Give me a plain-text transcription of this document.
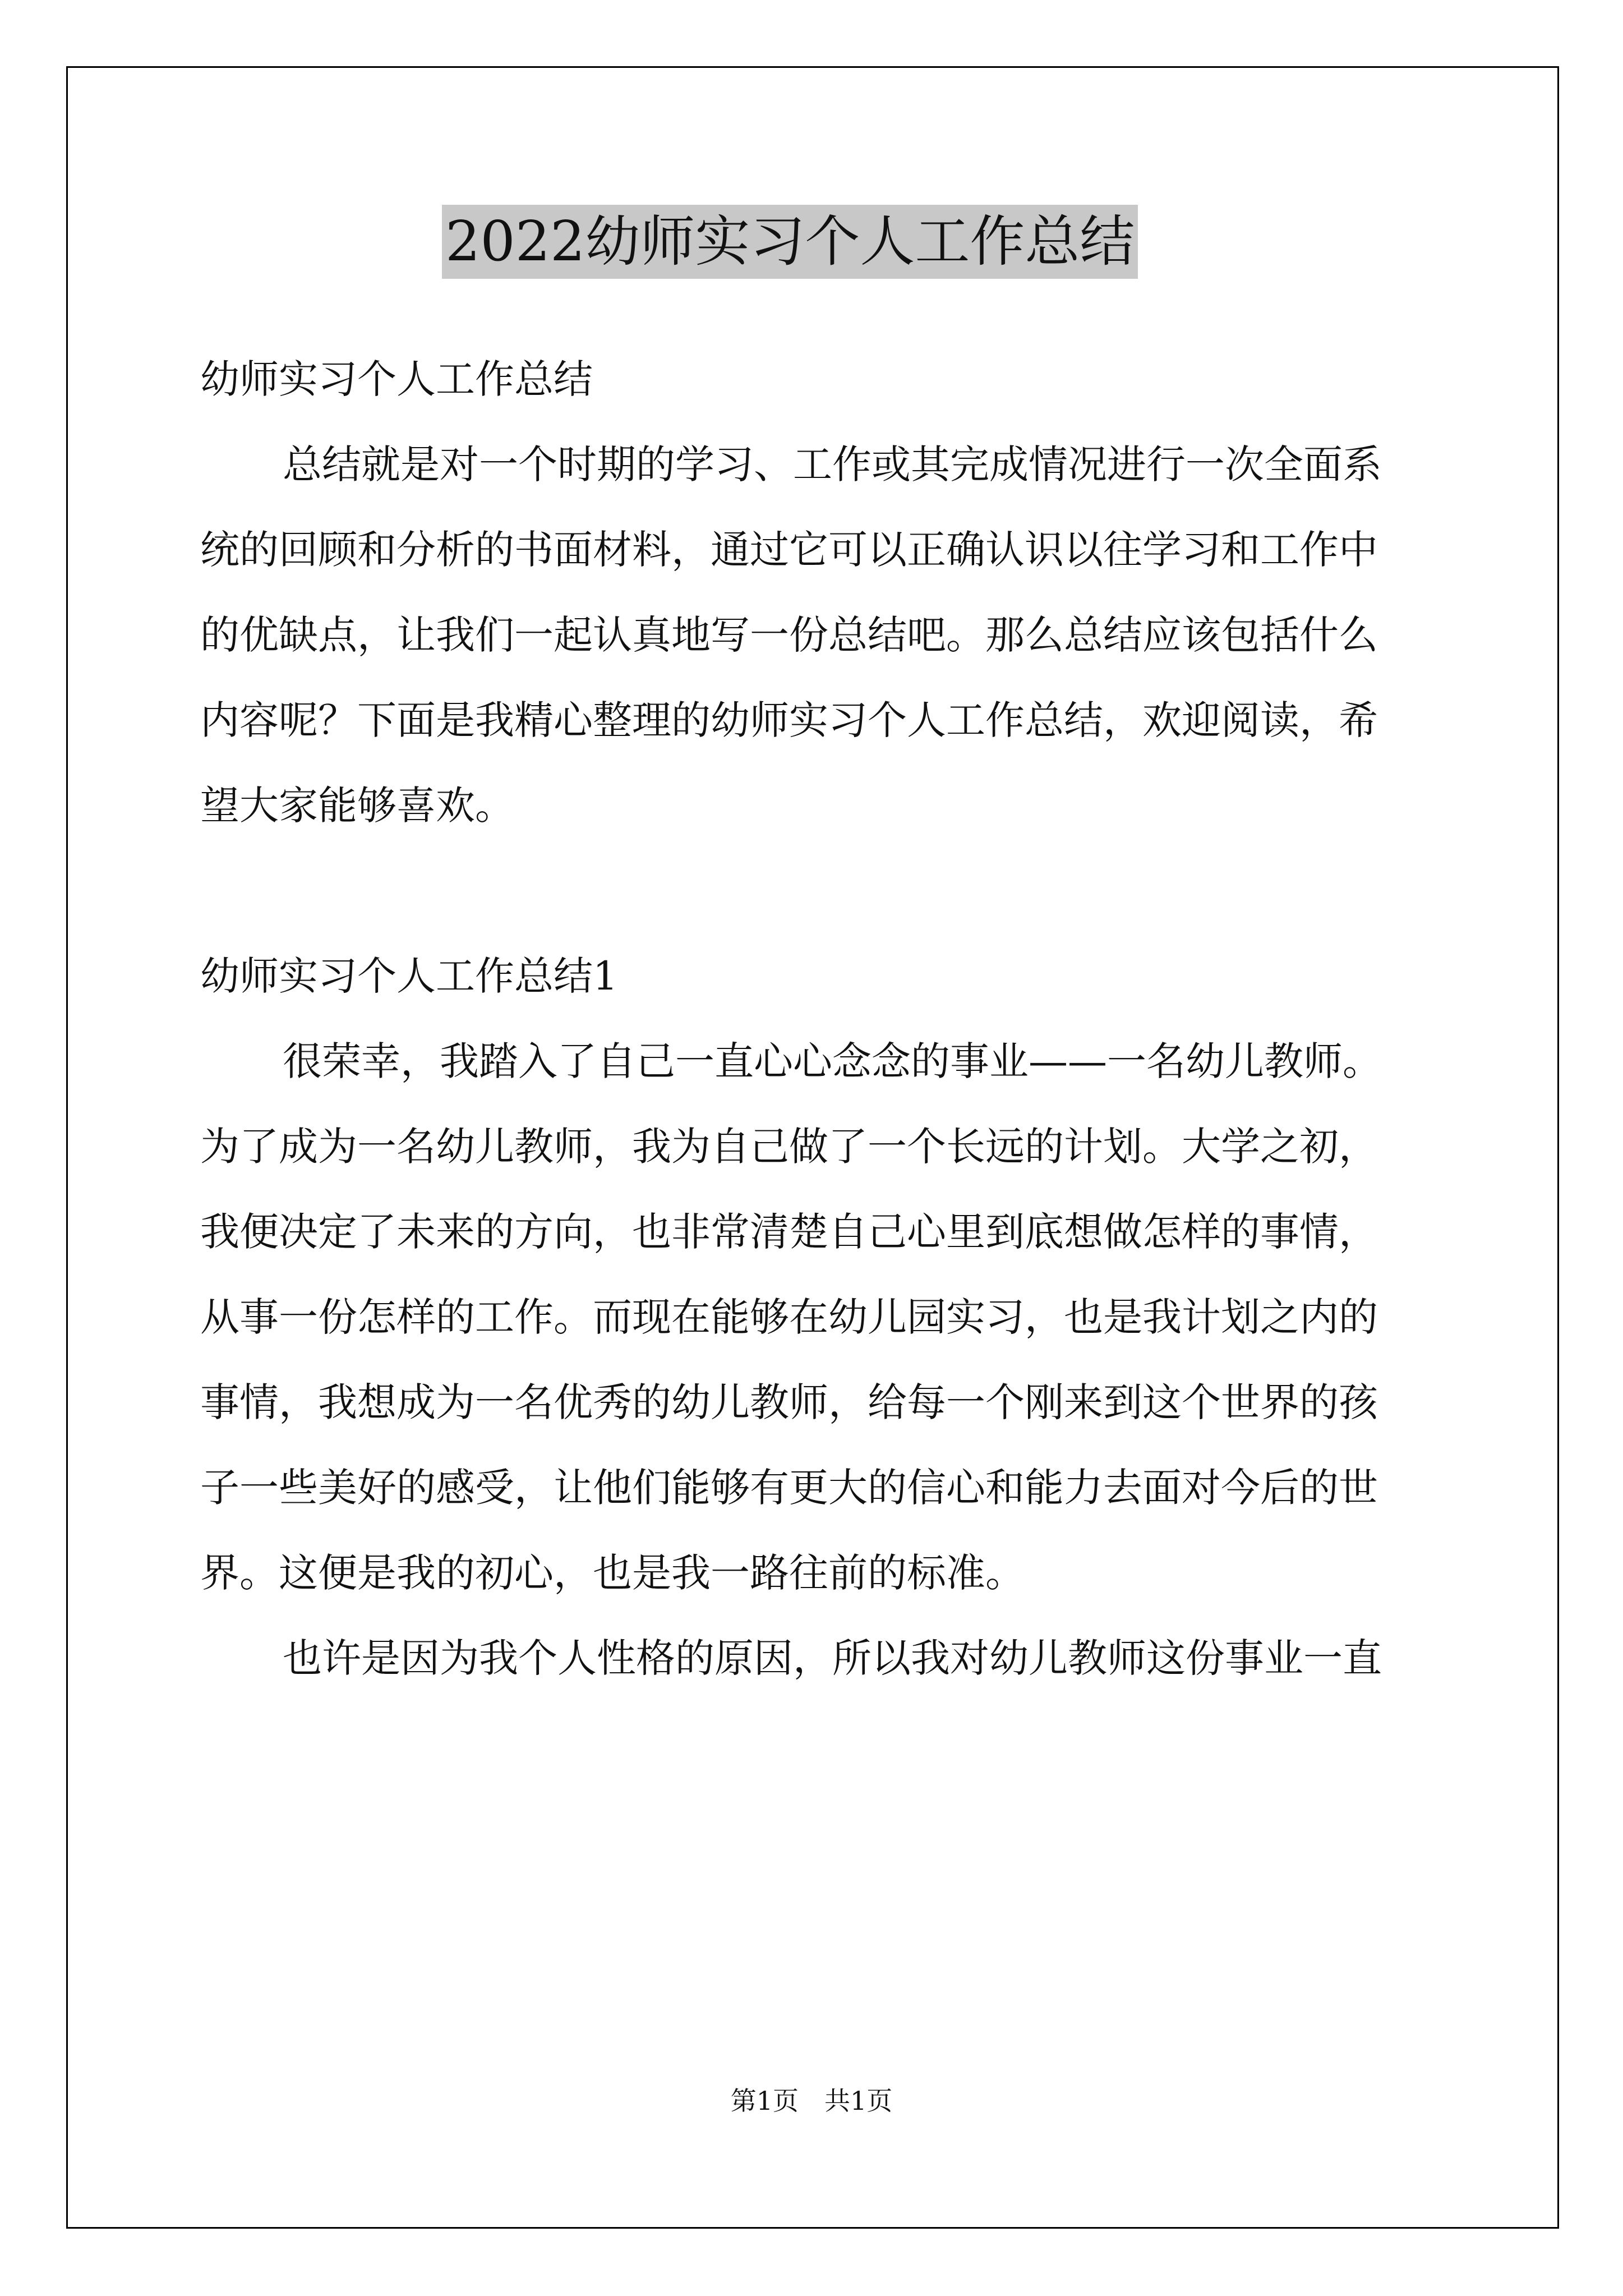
2022幼师实习个人工作总结
幼师实习个人工作总结
总结就是对一个时期的学习、工作或其完成情况进行一次全面系
统的回顾和分析的书面材料，通过它可以正确认识以往学习和工作中
的优缺点，让我们一起认真地写一份总结吧。那么总结应该包括什么
内容呢？下面是我精心整理的幼师实习个人工作总结，欢迎阅读，希
望大家能够喜欢。
幼师实习个人工作总结1
很荣幸，我踏入了自己一直心心念念的事业——一名幼儿教师。
为了成为一名幼儿教师，我为自己做了一个长远的计划。大学之初，
我便决定了未来的方向，也非常清楚自己心里到底想做怎样的事情，
从事一份怎样的工作。而现在能够在幼儿园实习，也是我计划之内的
事情，我想成为一名优秀的幼儿教师，给每一个刚来到这个世界的孩
子一些美好的感受，让他们能够有更大的信心和能力去面对今后的世
界。这便是我的初心，也是我一路往前的标准。
也许是因为我个人性格的原因，所以我对幼儿教师这份事业一直
第1页　共1页
